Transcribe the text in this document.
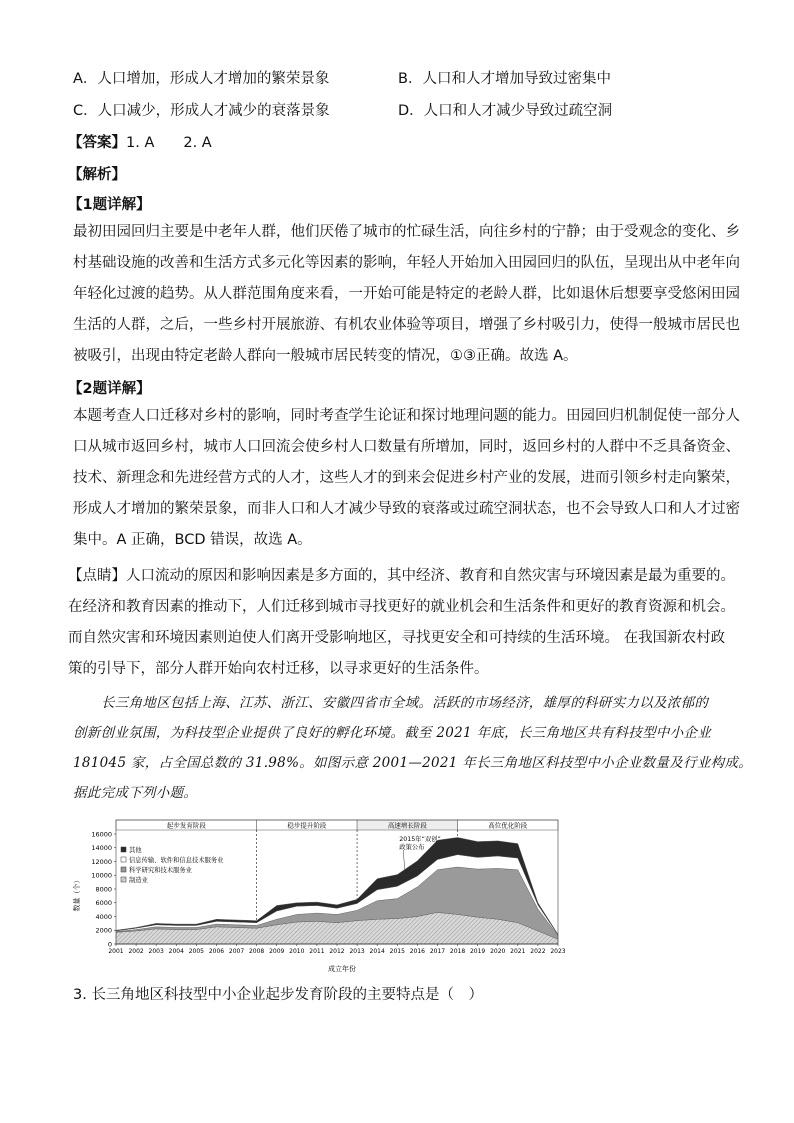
A．人口增加，形成人才增加的繁荣景象	B．人口和人才增加导致过密集中
C．人口减少，形成人才减少的衰落景象	D．人口和人才减少导致过疏空洞
【答案】1. A　　2. A
【解析】
【1题详解】
最初田园回归主要是中老年人群，他们厌倦了城市的忙碌生活，向往乡村的宁静；由于受观念的变化、乡
村基础设施的改善和生活方式多元化等因素的影响，年轻人开始加入田园回归的队伍，呈现出从中老年向
年轻化过渡的趋势。从人群范围角度来看，一开始可能是特定的老龄人群，比如退休后想要享受悠闲田园
生活的人群，之后，一些乡村开展旅游、有机农业体验等项目，增强了乡村吸引力，使得一般城市居民也
被吸引，出现由特定老龄人群向一般城市居民转变的情况，①③正确。故选 A。
【2题详解】
本题考查人口迁移对乡村的影响，同时考查学生论证和探讨地理问题的能力。田园回归机制促使一部分人
口从城市返回乡村，城市人口回流会使乡村人口数量有所增加，同时，返回乡村的人群中不乏具备资金、
技术、新理念和先进经营方式的人才，这些人才的到来会促进乡村产业的发展，进而引领乡村走向繁荣，
形成人才增加的繁荣景象，而非人口和人才减少导致的衰落或过疏空洞状态，也不会导致人口和人才过密
集中。A 正确，BCD 错误，故选 A。
【点睛】人口流动的原因和影响因素是多方面的，其中经济、教育和自然灾害与环境因素是最为重要的。
在经济和教育因素的推动下，人们迁移到城市寻找更好的就业机会和生活条件和更好的教育资源和机会。
而自然灾害和环境因素则迫使人们离开受影响地区，寻找更安全和可持续的生活环境。 在我国新农村政
策的引导下，部分人群开始向农村迁移，以寻求更好的生活条件。
长三角地区包括上海、江苏、浙江、安徽四省市全域。活跃的市场经济，雄厚的科研实力以及浓郁的
创新创业氛围，为科技型企业提供了良好的孵化环境。截至 2021 年底，长三角地区共有科技型中小企业
181045 家，占全国总数的 31.98%。如图示意 2001—2021 年长三角地区科技型中小企业数量及行业构成。
据此完成下列小题。
起步发育阶段	稳步提升阶段	高速增长阶段	高位优化阶段
0
2000
4000
6000
8000
10000
12000
14000
16000
2001 2002 2003 2004 2005 2006 2007 2008 2009 2010 2011 2012 2013 2014 2015 2016 2017 2018 2019 2020 2021 2022 2023
其他
信息传输、软件和信息技术服务业
科学研究和技术服务业
制造业
2015年“双创”
政策公布
数量（个）
成立年份
3. 长三角地区科技型中小企业起步发育阶段的主要特点是（　）
